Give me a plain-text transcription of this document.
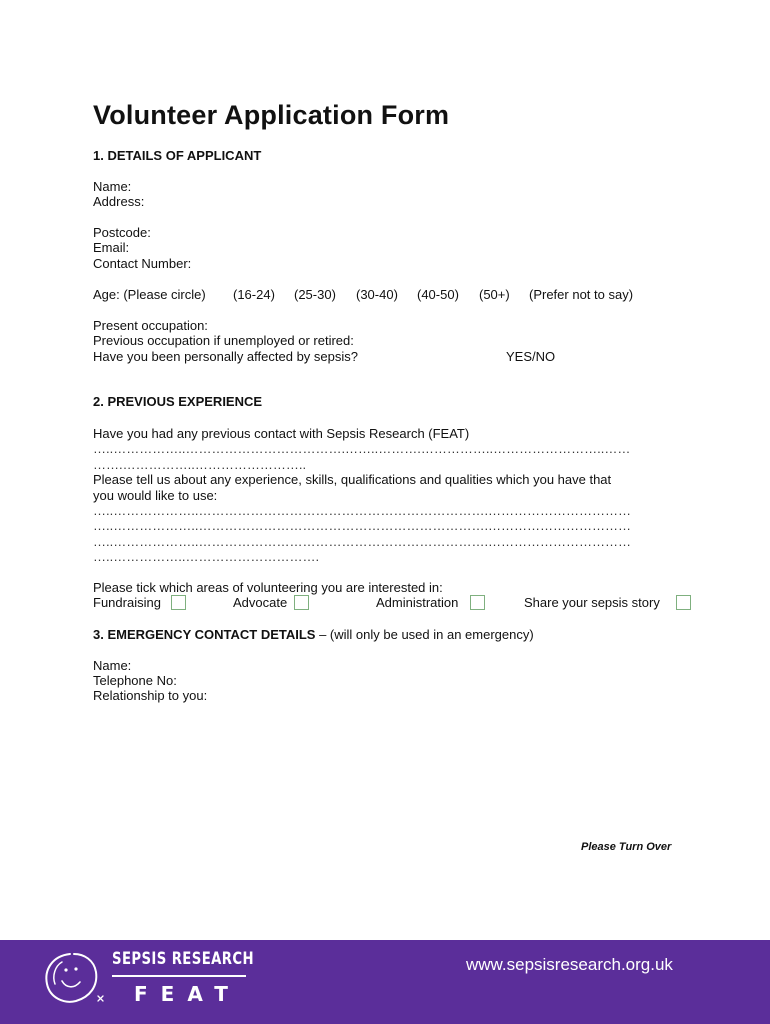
Volunteer Application Form
1. DETAILS OF APPLICANT
Name:
Address:
Postcode:
Email:
Contact Number:
Age: (Please circle) (16-24) (25-30) (30-40) (40-50) (50+) (Prefer not to say)
Present occupation:
Previous occupation if unemployed or retired:
Have you been personally affected by sepsis?	YES/NO
2. PREVIOUS EXPERIENCE
Have you had any previous contact with Sepsis Research (FEAT)
…..……………..……………………………….……..……….……………..……………………..……
…….……………..……………………..
Please tell us about any experience, skills, qualifications and qualities which you have that
you would like to use:
…..………………..………………………………………………………….……………………………
…..………………..………………………………………………………….……………………………
…..………………..………………………………………………………….……………………………
…..……………..………………………….
Please tick which areas of volunteering you are interested in:
Fundraising	Advocate	Administration	Share your sepsis story
3. EMERGENCY CONTACT DETAILS – (will only be used in an emergency)
Name:
Telephone No:
Relationship to you:
Please Turn Over
SEPSIS RESEARCH
FEAT
www.sepsisresearch.org.uk
